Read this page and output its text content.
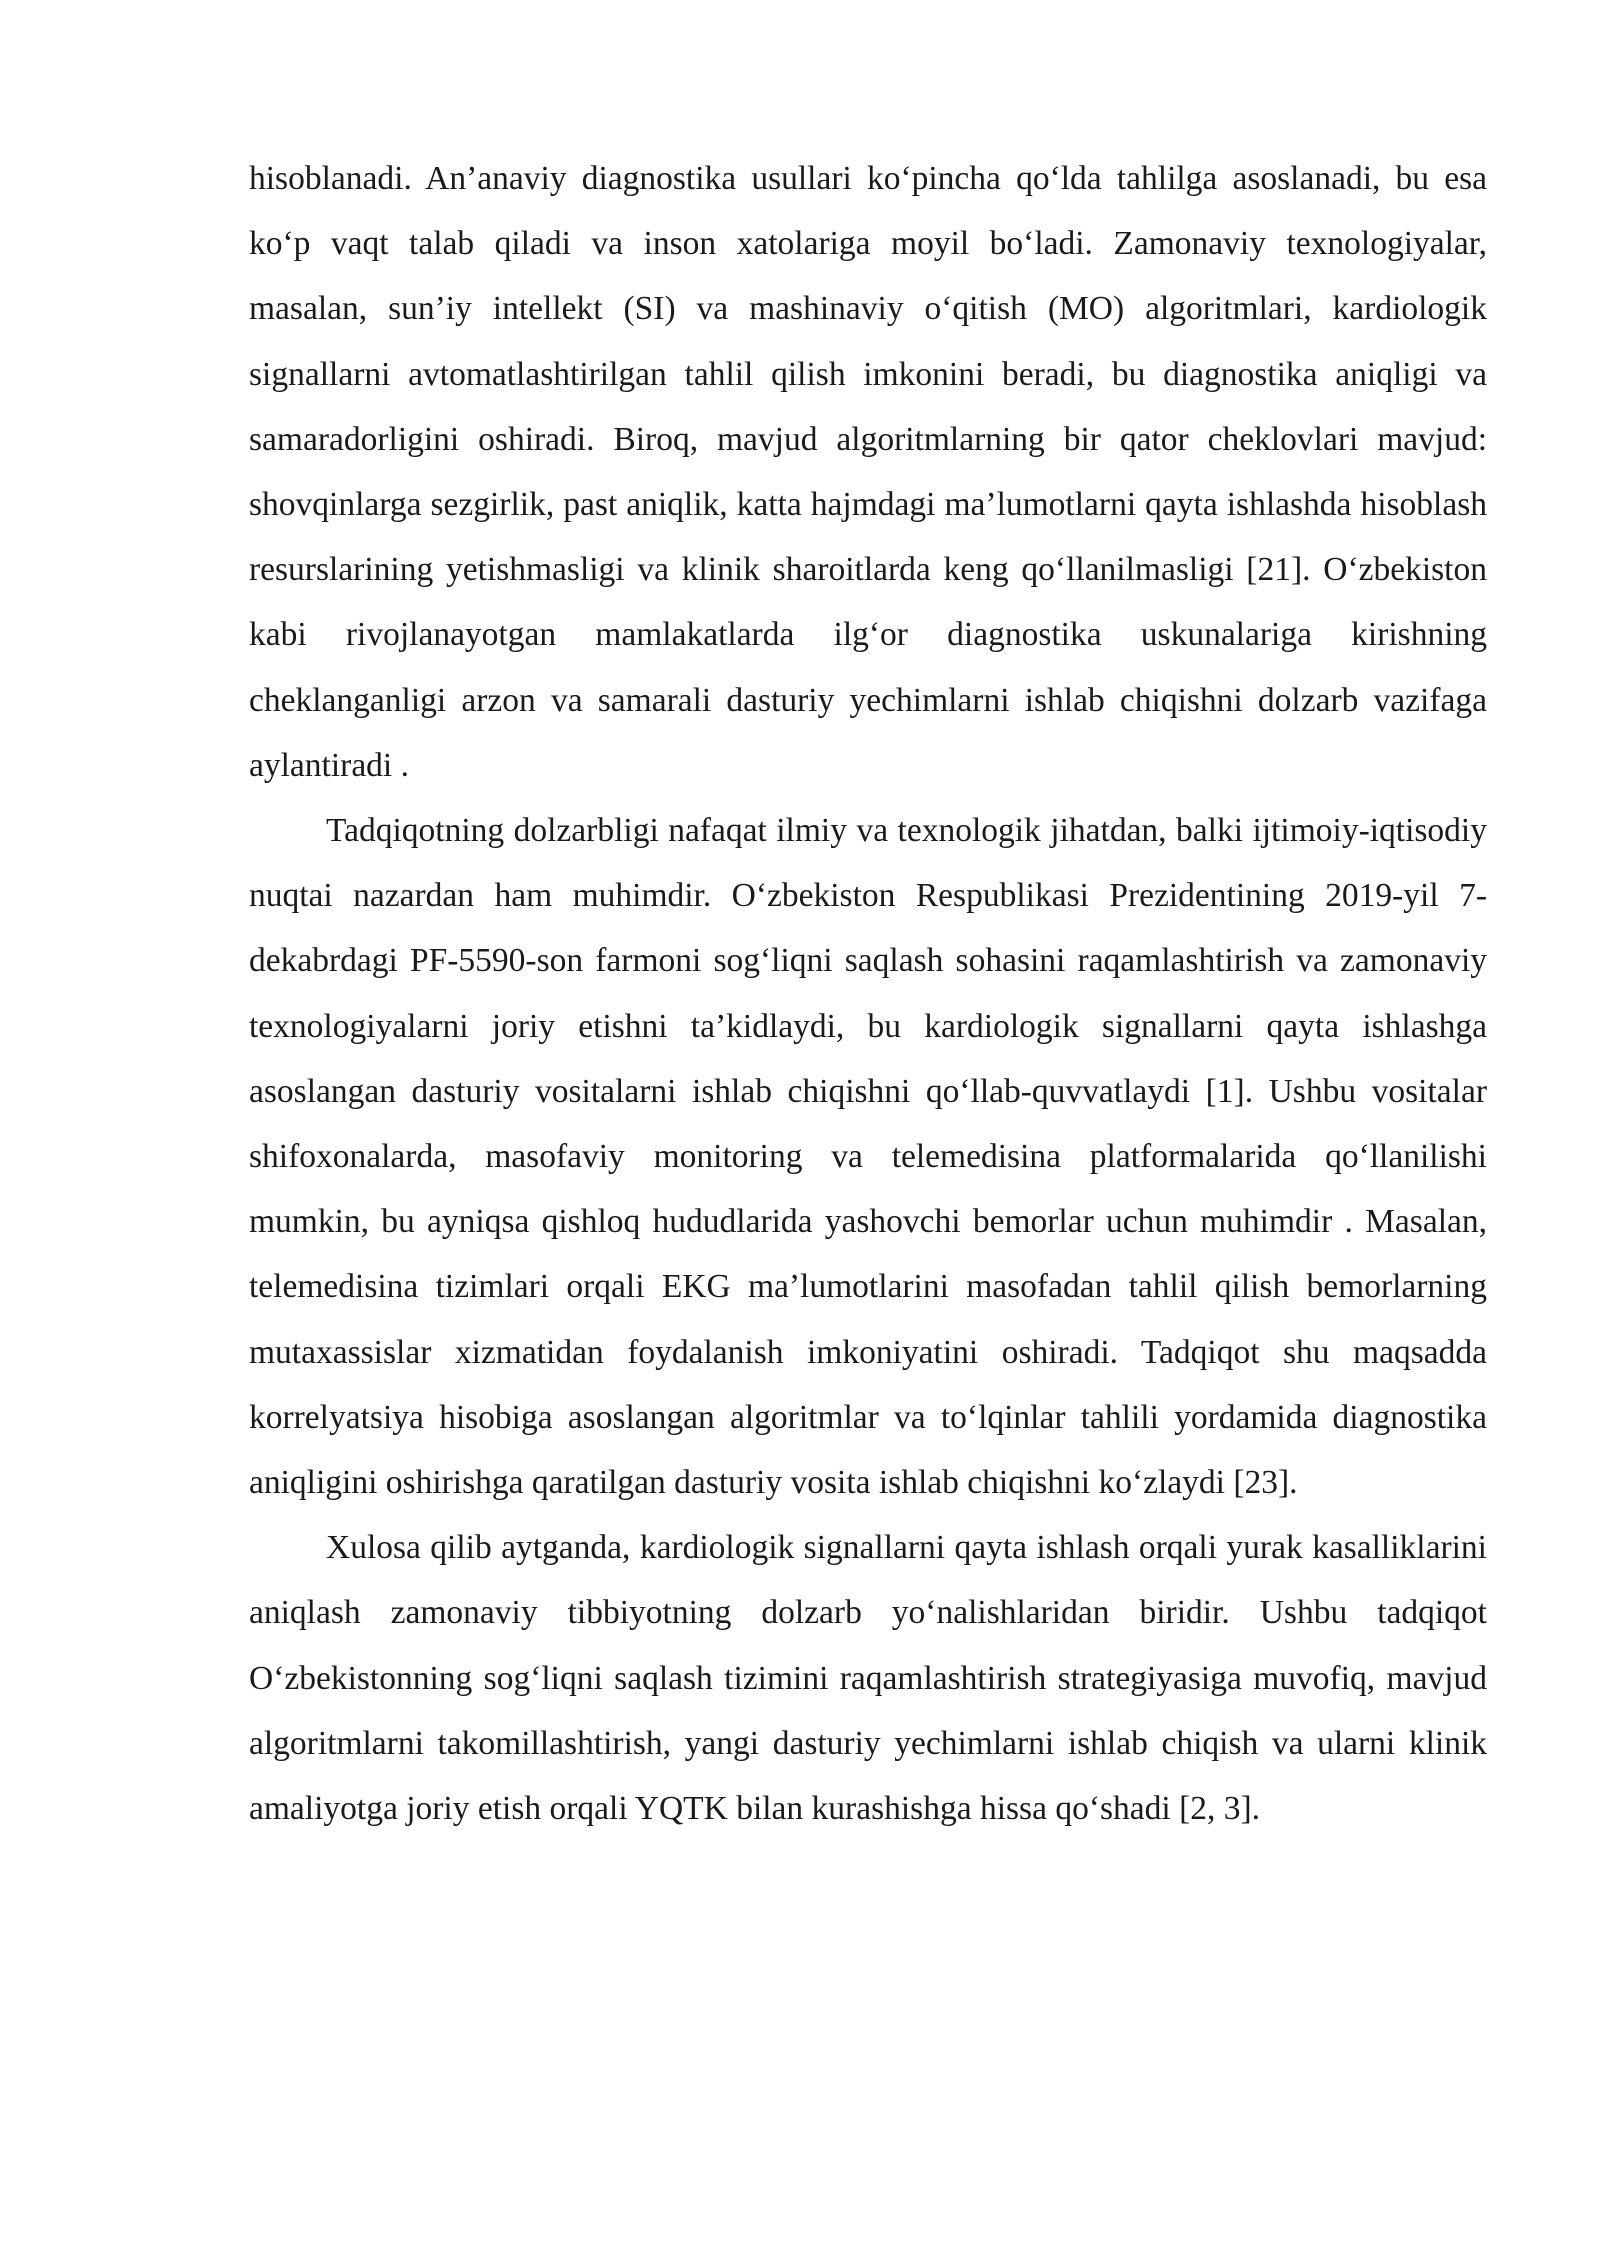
hisoblanadi. An’anaviy diagnostika usullari ko‘pincha qo‘lda tahlilga asoslanadi, bu esa ko‘p vaqt talab qiladi va inson xatolariga moyil bo‘ladi. Zamonaviy texnologiyalar, masalan, sun’iy intellekt (SI) va mashinaviy o‘qitish (MO) algoritmlari, kardiologik signallarni avtomatlashtirilgan tahlil qilish imkonini beradi, bu diagnostika aniqligi va samaradorligini oshiradi. Biroq, mavjud algoritmlarning bir qator cheklovlari mavjud: shovqinlarga sezgirlik, past aniqlik, katta hajmdagi ma’lumotlarni qayta ishlashda hisoblash resurslarining yetishmasligi va klinik sharoitlarda keng qo‘llanilmasligi [21]. O‘zbekiston kabi rivojlanayotgan mamlakatlarda ilg‘or diagnostika uskunalariga kirishning cheklanganligi arzon va samarali dasturiy yechimlarni ishlab chiqishni dolzarb vazifaga aylantiradi .

Tadqiqotning dolzarbligi nafaqat ilmiy va texnologik jihatdan, balki ijtimoiy-iqtisodiy nuqtai nazardan ham muhimdir. O‘zbekiston Respublikasi Prezidentining 2019-yil 7-dekabrdagi PF-5590-son farmoni sog‘liqni saqlash sohasini raqamlashtirish va zamonaviy texnologiyalarni joriy etishni ta’kidlaydi, bu kardiologik signallarni qayta ishlashga asoslangan dasturiy vositalarni ishlab chiqishni qo‘llab-quvvatlaydi [1]. Ushbu vositalar shifoxonalarda, masofaviy monitoring va telemedisina platformalarida qo‘llanilishi mumkin, bu ayniqsa qishloq hududlarida yashovchi bemorlar uchun muhimdir . Masalan, telemedisina tizimlari orqali EKG ma’lumotlarini masofadan tahlil qilish bemorlarning mutaxassislar xizmatidan foydalanish imkoniyatini oshiradi. Tadqiqot shu maqsadda korrelyatsiya hisobiga asoslangan algoritmlar va to‘lqinlar tahlili yordamida diagnostika aniqligini oshirishga qaratilgan dasturiy vosita ishlab chiqishni ko‘zlaydi [23].

Xulosa qilib aytganda, kardiologik signallarni qayta ishlash orqali yurak kasalliklarini aniqlash zamonaviy tibbiyotning dolzarb yo‘nalishlaridan biridir. Ushbu tadqiqot O‘zbekistonning sog‘liqni saqlash tizimini raqamlashtirish strategiyasiga muvofiq, mavjud algoritmlarni takomillashtirish, yangi dasturiy yechimlarni ishlab chiqish va ularni klinik amaliyotga joriy etish orqali YQTK bilan kurashishga hissa qo‘shadi [2, 3].
